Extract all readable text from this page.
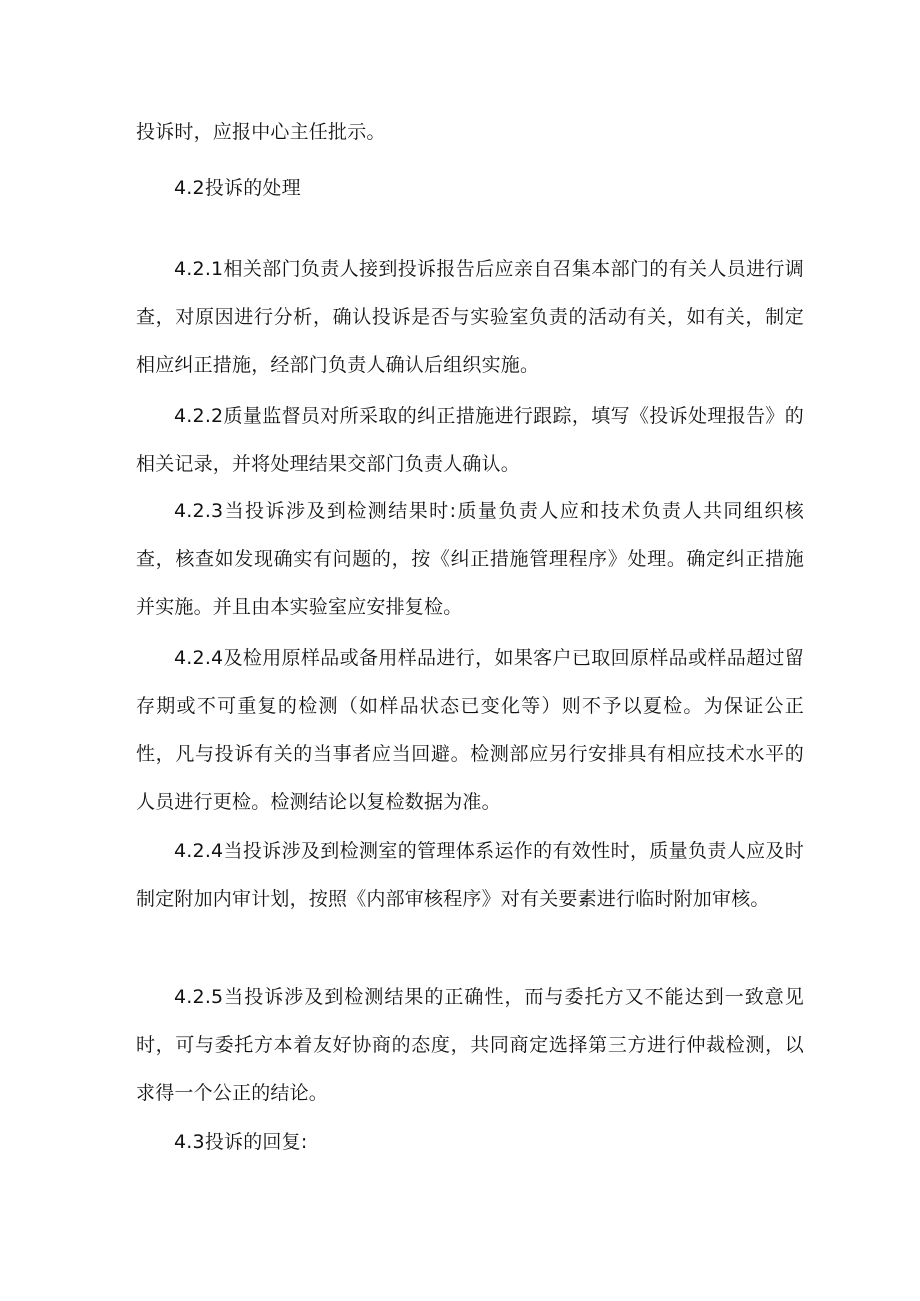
投诉时，应报中心主任批示。

4.2投诉的处理

4.2.1相关部门负责人接到投诉报告后应亲自召集本部门的有关人员进行调查，对原因进行分析，确认投诉是否与实验室负责的活动有关，如有关，制定相应纠正措施，经部门负责人确认后组织实施。

4.2.2质量监督员对所采取的纠正措施进行跟踪，填写《投诉处理报告》的相关记录，并将处理结果交部门负责人确认。

4.2.3当投诉涉及到检测结果时:质量负责人应和技术负责人共同组织核查，核查如发现确实有问题的，按《纠正措施管理程序》处理。确定纠正措施并实施。并且由本实验室应安排复检。

4.2.4及检用原样品或备用样品进行，如果客户已取回原样品或样品超过留存期或不可重复的检测（如样品状态已变化等）则不予以夏检。为保证公正性，凡与投诉有关的当事者应当回避。检测部应另行安排具有相应技术水平的人员进行更检。检测结论以复检数据为准。

4.2.4当投诉涉及到检测室的管理体系运作的有效性时，质量负责人应及时制定附加内审计划，按照《内部审核程序》对有关要素进行临时附加审核。

4.2.5当投诉涉及到检测结果的正确性，而与委托方又不能达到一致意见时，可与委托方本着友好协商的态度，共同商定选择第三方进行仲裁检测，以求得一个公正的结论。

4.3投诉的回复:
